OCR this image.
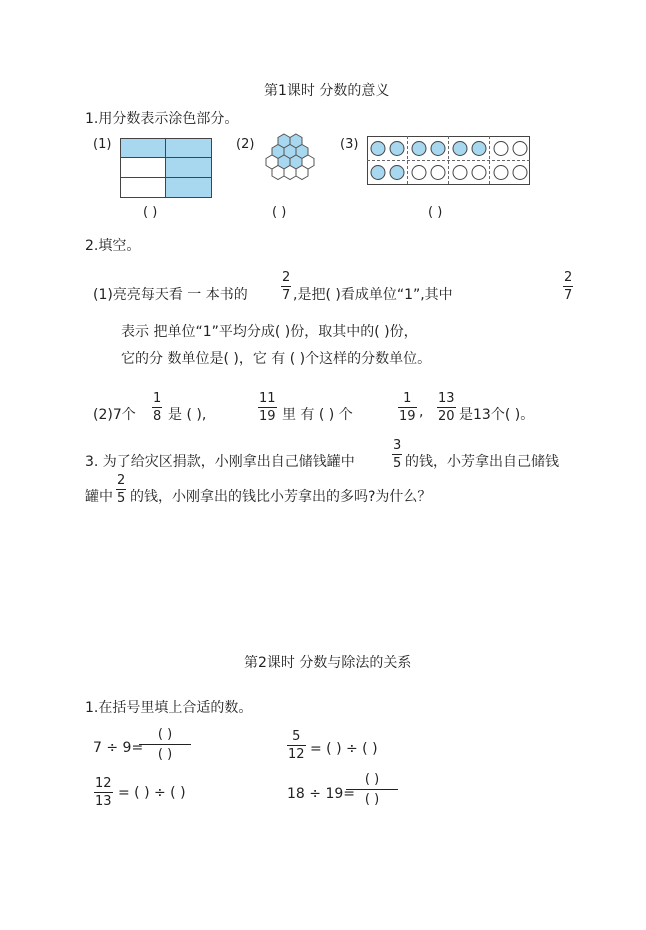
第1课时 分数的意义
1.用分数表示涂色部分。
(1)
( )
(2)
( )
(3)
( )
2.填空。
(1)亮亮每天看 一 本书的
2
7 ,是把( )看成单位“1”,其中
2
7
表示 把单位“1”平均分成( )份，取其中的( )份，
它的分 数单位是( )，它 有 ( )个这样的分数单位。
(2)7个
1
8 是 ( ),
11
19 里 有 ( ) 个
1
19 ,
13
20 是13个( )。
3. 为了给灾区捐款，小刚拿出自己储钱罐中
3
5 的钱，小芳拿出自己储钱
罐中
2
5 的钱，小刚拿出的钱比小芳拿出的多吗?为什么？
第2课时 分数与除法的关系
1.在括号里填上合适的数。
7 ÷ 9=
( )
( )
5
12 = ( ) ÷ ( )
12
13
= ( ) ÷ ( )	18 ÷ 19=
( )
( )
